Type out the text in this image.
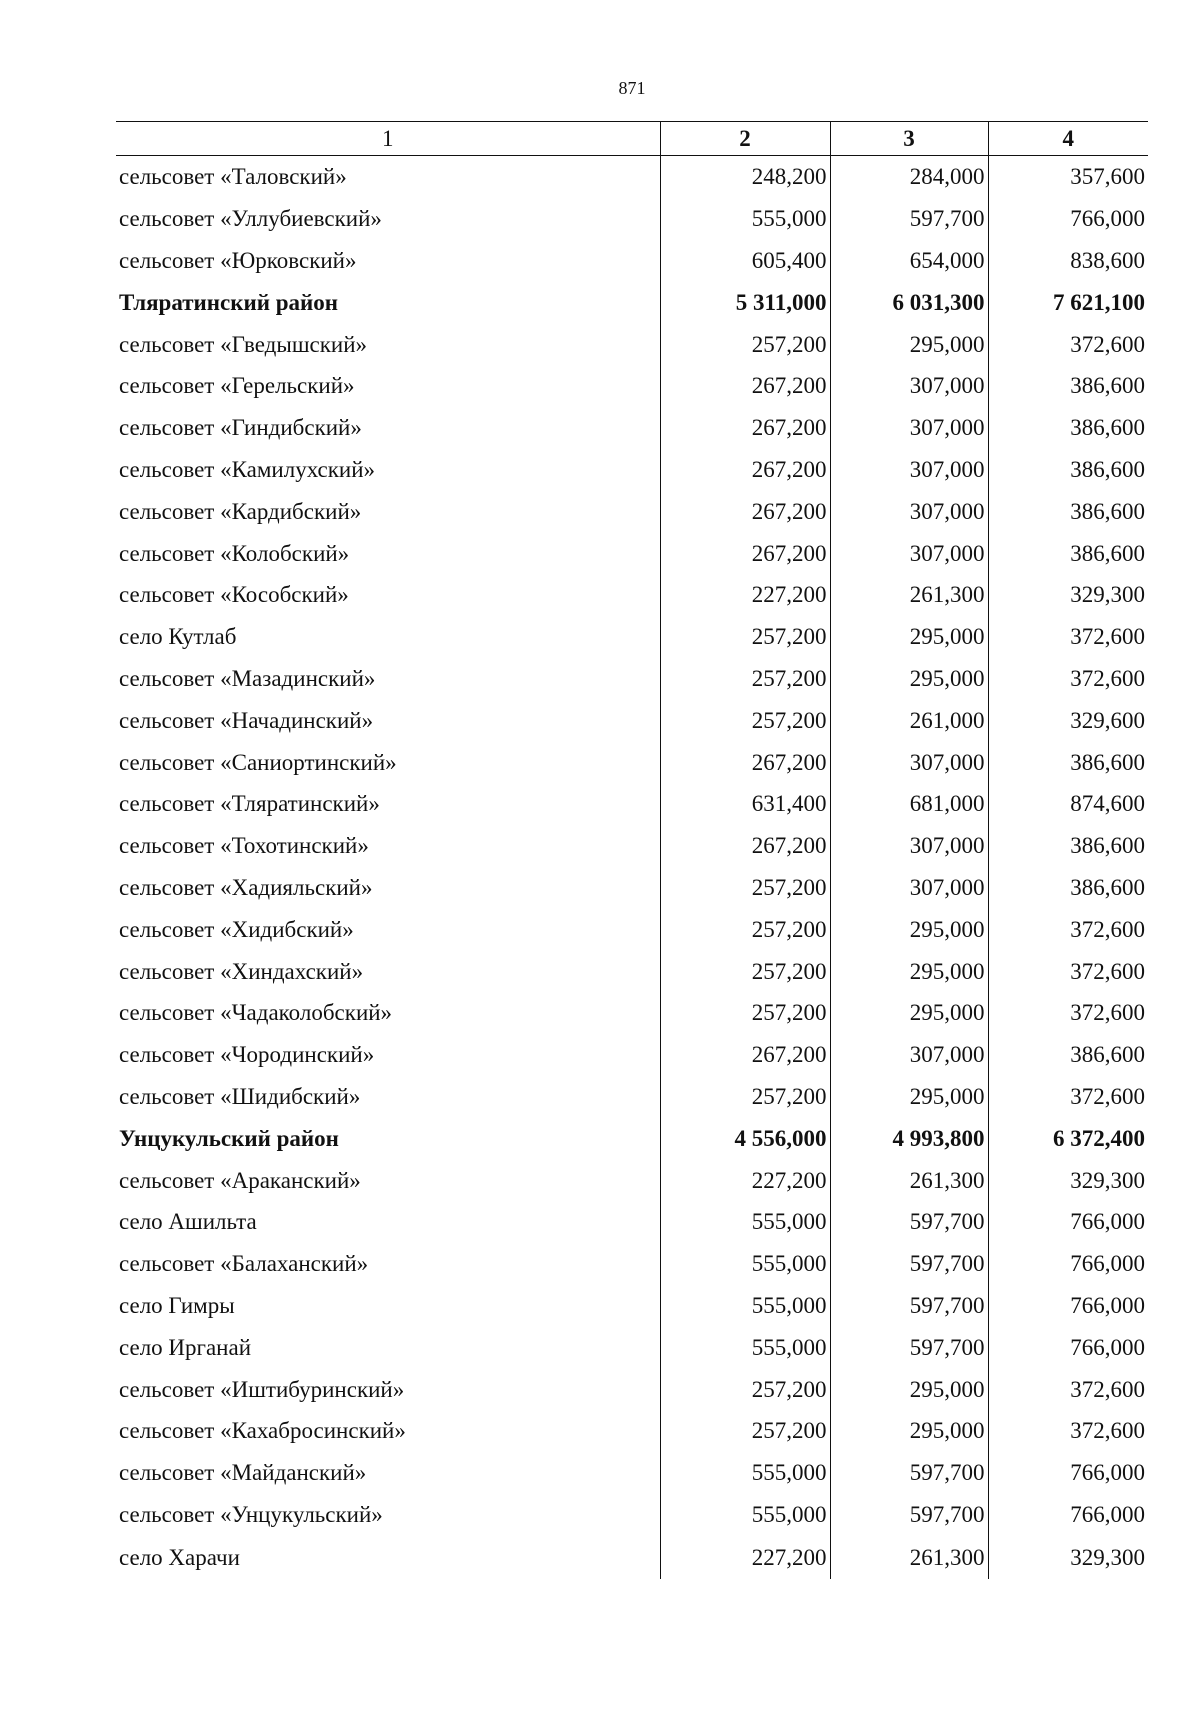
871
1	2	3	4
сельсовет «Таловский»	248,200	284,000	357,600
сельсовет «Уллубиевский»	555,000	597,700	766,000
сельсовет «Юрковский»	605,400	654,000	838,600
Тляратинский район	5 311,000	6 031,300	7 621,100
сельсовет «Гведышский»	257,200	295,000	372,600
сельсовет «Герельский»	267,200	307,000	386,600
сельсовет «Гиндибский»	267,200	307,000	386,600
сельсовет «Камилухский»	267,200	307,000	386,600
сельсовет «Кардибский»	267,200	307,000	386,600
сельсовет «Колобский»	267,200	307,000	386,600
сельсовет «Кособский»	227,200	261,300	329,300
село Кутлаб	257,200	295,000	372,600
сельсовет «Мазадинский»	257,200	295,000	372,600
сельсовет «Начадинский»	257,200	261,000	329,600
сельсовет «Саниортинский»	267,200	307,000	386,600
сельсовет «Тляратинский»	631,400	681,000	874,600
сельсовет «Тохотинский»	267,200	307,000	386,600
сельсовет «Хадияльский»	257,200	307,000	386,600
сельсовет «Хидибский»	257,200	295,000	372,600
сельсовет «Хиндахский»	257,200	295,000	372,600
сельсовет «Чадаколобский»	257,200	295,000	372,600
сельсовет «Чородинский»	267,200	307,000	386,600
сельсовет «Шидибский»	257,200	295,000	372,600
Унцукульский район	4 556,000	4 993,800	6 372,400
сельсовет «Араканский»	227,200	261,300	329,300
село Ашильта	555,000	597,700	766,000
сельсовет «Балаханский»	555,000	597,700	766,000
село Гимры	555,000	597,700	766,000
село Ирганай	555,000	597,700	766,000
сельсовет «Иштибуринский»	257,200	295,000	372,600
сельсовет «Кахабросинский»	257,200	295,000	372,600
сельсовет «Майданский»	555,000	597,700	766,000
сельсовет «Унцукульский»	555,000	597,700	766,000
село Харачи	227,200	261,300	329,300
